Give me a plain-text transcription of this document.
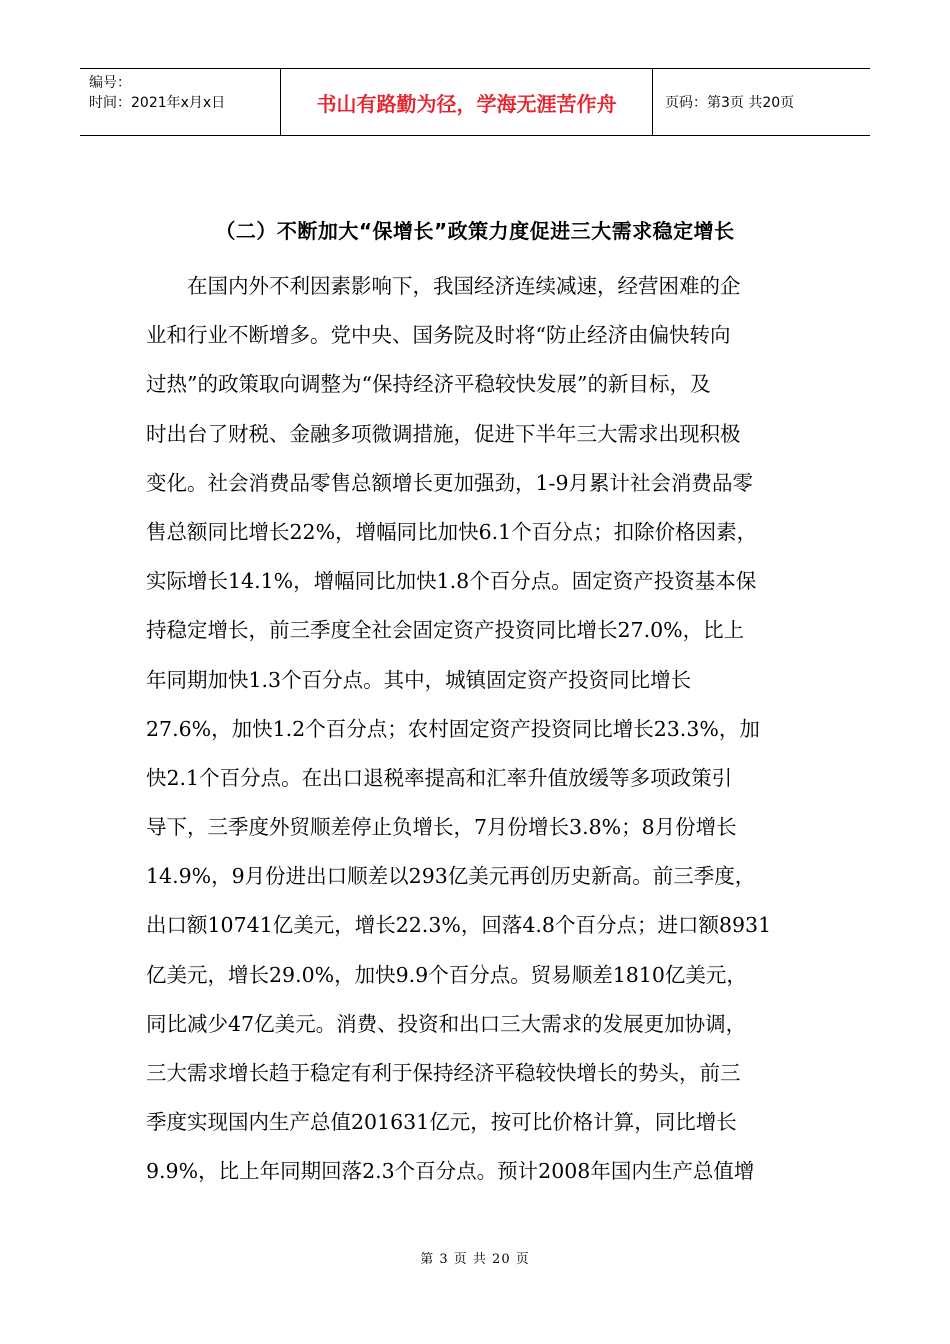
编号：
时间：2021年x月x日	书山有路勤为径，学海无涯苦作舟	页码：第3页 共20页
（二）不断加大“保增长”政策力度促进三大需求稳定增长
在国内外不利因素影响下，我国经济连续减速，经营困难的企
业和行业不断增多。党中央、国务院及时将“防止经济由偏快转向
过热”的政策取向调整为“保持经济平稳较快发展”的新目标，及
时出台了财税、金融多项微调措施，促进下半年三大需求出现积极
变化。社会消费品零售总额增长更加强劲，1-9月累计社会消费品零
售总额同比增长22%，增幅同比加快6.1个百分点；扣除价格因素，
实际增长14.1%，增幅同比加快1.8个百分点。固定资产投资基本保
持稳定增长，前三季度全社会固定资产投资同比增长27.0%，比上
年同期加快1.3个百分点。其中，城镇固定资产投资同比增长
27.6%，加快1.2个百分点；农村固定资产投资同比增长23.3%，加
快2.1个百分点。在出口退税率提高和汇率升值放缓等多项政策引
导下，三季度外贸顺差停止负增长，7月份增长3.8%；8月份增长
14.9%，9月份进出口顺差以293亿美元再创历史新高。前三季度，
出口额10741亿美元，增长22.3%，回落4.8个百分点；进口额8931
亿美元，增长29.0%，加快9.9个百分点。贸易顺差1810亿美元，
同比减少47亿美元。消费、投资和出口三大需求的发展更加协调，
三大需求增长趋于稳定有利于保持经济平稳较快增长的势头，前三
季度实现国内生产总值201631亿元，按可比价格计算，同比增长
9.9%，比上年同期回落2.3个百分点。预计2008年国内生产总值增
第 3 页 共 20 页
